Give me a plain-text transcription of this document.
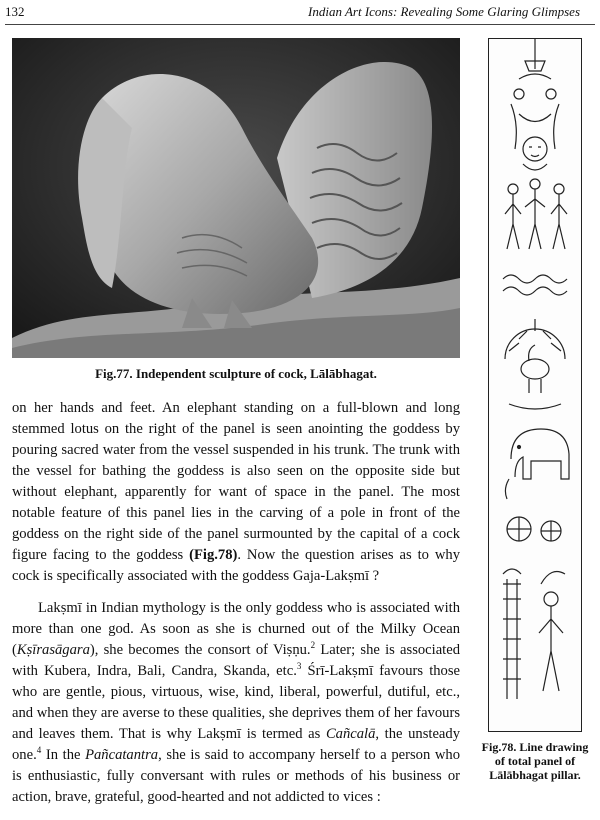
132	Indian Art Icons: Revealing Some Glaring Glimpses
Fig.77. Independent sculpture of cock, Lālābhagat.

on her hands and feet. An elephant standing on a full-blown and long stemmed lotus on the right of the panel is seen anointing the goddess by pouring sacred water from the vessel suspended in his trunk. The trunk with the vessel for bathing the goddess is also seen on the opposite side but without elephant, apparently for want of space in the panel. The most notable feature of this panel lies in the carving of a pole in front of the goddess on the right side of the panel surmounted by the capital of a cock figure facing to the goddess (Fig.78). Now the question arises as to why cock is specifically associated with the goddess Gaja-Lakṣmī ?

Lakṣmī in Indian mythology is the only goddess who is associated with more than one god. As soon as she is churned out of the Milky Ocean (Kṣīrasāgara), she becomes the consort of Viṣṇu.$^2$ Later; she is associated with Kubera, Indra, Bali, Candra, Skanda, etc.$^3$ Śrī-Lakṣmī favours those who are gentle, pious, virtuous, wise, kind, liberal, powerful, dutiful, etc., and when they are averse to these qualities, she deprives them of her favours and leaves them. That is why Lakṣmī is termed as Cañcalā, the unsteady one.$^4$ In the Pañcatantra, she is said to accompany herself to a person who is enthusiastic, fully conversant with rules or methods of his business or action, brave, grateful, good-hearted and not addicted to vices :

Fig.78. Line drawing
of total panel of
Lālābhagat pillar.
